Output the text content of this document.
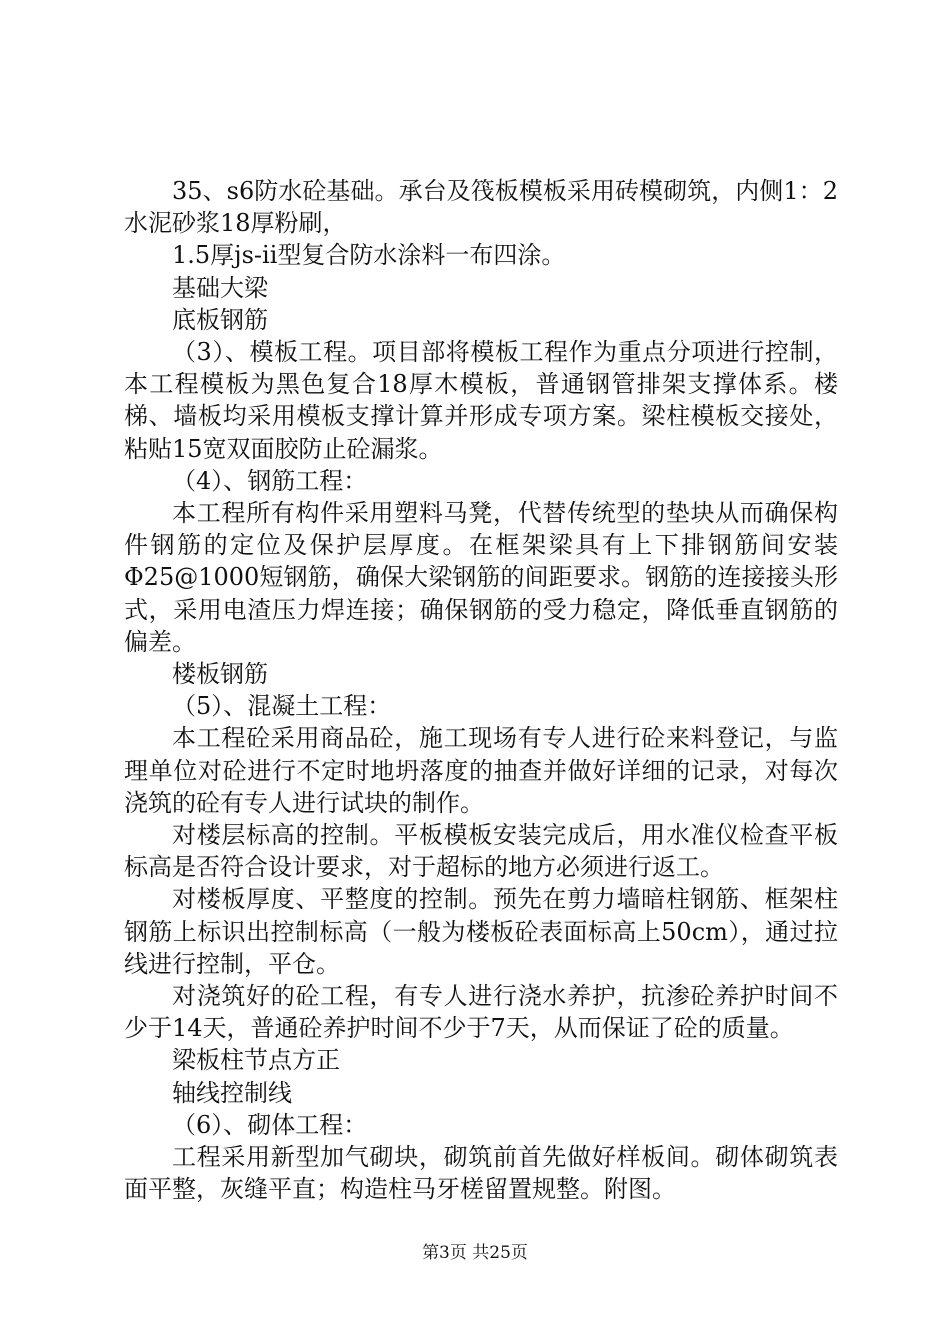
35、s6防水砼基础。承台及筏板模板采用砖模砌筑，内侧1：2水泥砂浆18厚粉刷，

1.5厚js-ii型复合防水涂料一布四涂。

基础大梁

底板钢筋

（3）、模板工程。项目部将模板工程作为重点分项进行控制，本工程模板为黑色复合18厚木模板，普通钢管排架支撑体系。楼梯、墙板均采用模板支撑计算并形成专项方案。梁柱模板交接处，粘贴15宽双面胶防止砼漏浆。

（4）、钢筋工程：

本工程所有构件采用塑料马凳，代替传统型的垫块从而确保构件钢筋的定位及保护层厚度。在框架梁具有上下排钢筋间安装Φ25@1000短钢筋，确保大梁钢筋的间距要求。钢筋的连接接头形式，采用电渣压力焊连接；确保钢筋的受力稳定，降低垂直钢筋的偏差。

楼板钢筋

（5）、混凝土工程：

本工程砼采用商品砼，施工现场有专人进行砼来料登记，与监理单位对砼进行不定时地坍落度的抽查并做好详细的记录，对每次浇筑的砼有专人进行试块的制作。

对楼层标高的控制。平板模板安装完成后，用水准仪检查平板标高是否符合设计要求，对于超标的地方必须进行返工。

对楼板厚度、平整度的控制。预先在剪力墙暗柱钢筋、框架柱钢筋上标识出控制标高（一般为楼板砼表面标高上50cm），通过拉线进行控制，平仓。

对浇筑好的砼工程，有专人进行浇水养护，抗渗砼养护时间不少于14天，普通砼养护时间不少于7天，从而保证了砼的质量。

梁板柱节点方正

轴线控制线

（6）、砌体工程：

工程采用新型加气砌块，砌筑前首先做好样板间。砌体砌筑表面平整，灰缝平直；构造柱马牙槎留置规整。附图。

第3页 共25页
